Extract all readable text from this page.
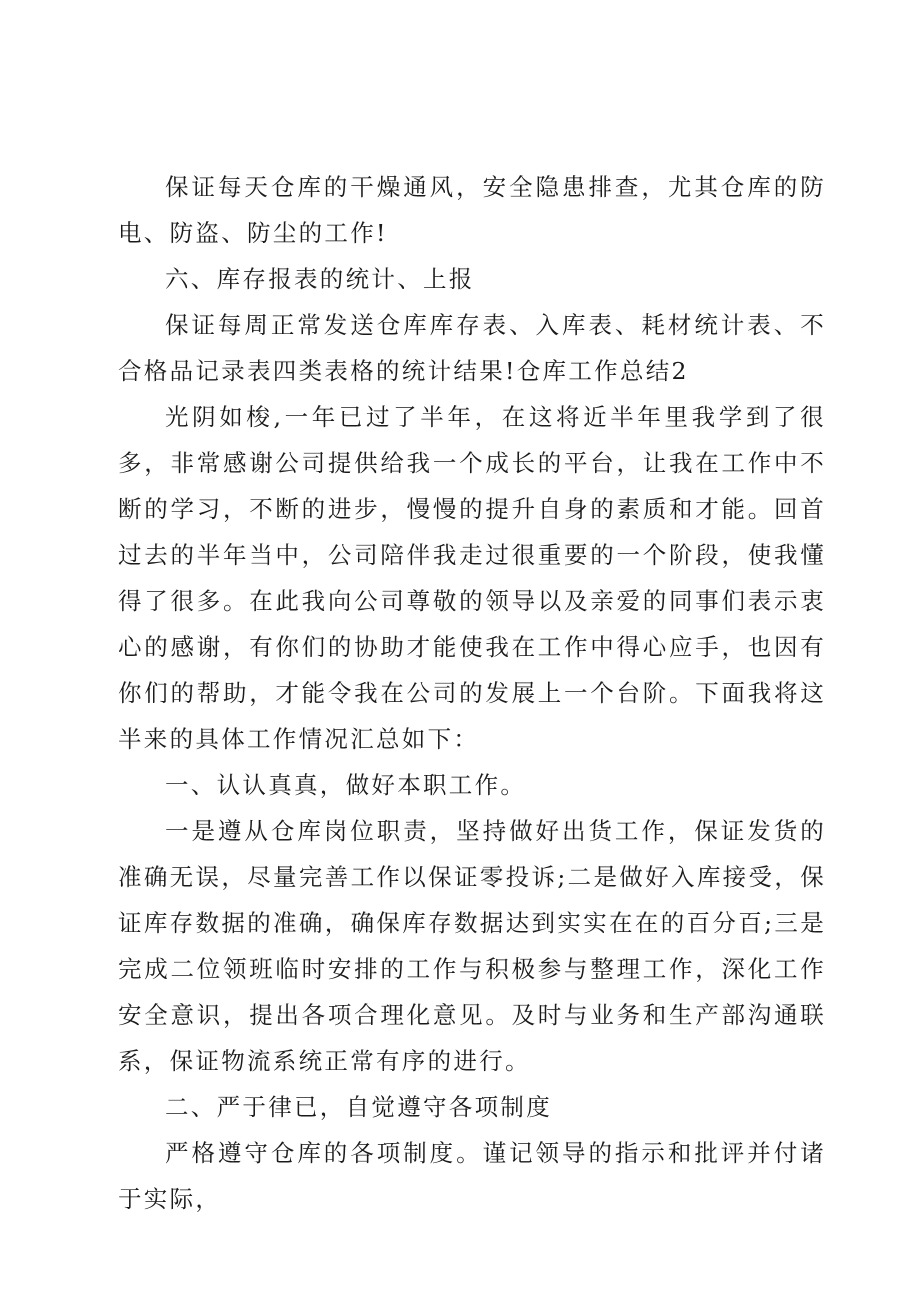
保证每天仓库的干燥通风，安全隐患排查，尤其仓库的防电、防盗、防尘的工作!

六、库存报表的统计、上报

保证每周正常发送仓库库存表、入库表、耗材统计表、不合格品记录表四类表格的统计结果!仓库工作总结2

光阴如梭,一年已过了半年，在这将近半年里我学到了很多，非常感谢公司提供给我一个成长的平台，让我在工作中不断的学习，不断的进步，慢慢的提升自身的素质和才能。回首过去的半年当中，公司陪伴我走过很重要的一个阶段，使我懂得了很多。在此我向公司尊敬的领导以及亲爱的同事们表示衷心的感谢，有你们的协助才能使我在工作中得心应手，也因有你们的帮助，才能令我在公司的发展上一个台阶。下面我将这半来的具体工作情况汇总如下：

一、认认真真，做好本职工作。

一是遵从仓库岗位职责，坚持做好出货工作，保证发货的准确无误，尽量完善工作以保证零投诉;二是做好入库接受，保证库存数据的准确，确保库存数据达到实实在在的百分百;三是完成二位领班临时安排的工作与积极参与整理工作，深化工作安全意识，提出各项合理化意见。及时与业务和生产部沟通联系，保证物流系统正常有序的进行。

二、严于律已，自觉遵守各项制度

严格遵守仓库的各项制度。谨记领导的指示和批评并付诸于实际，
